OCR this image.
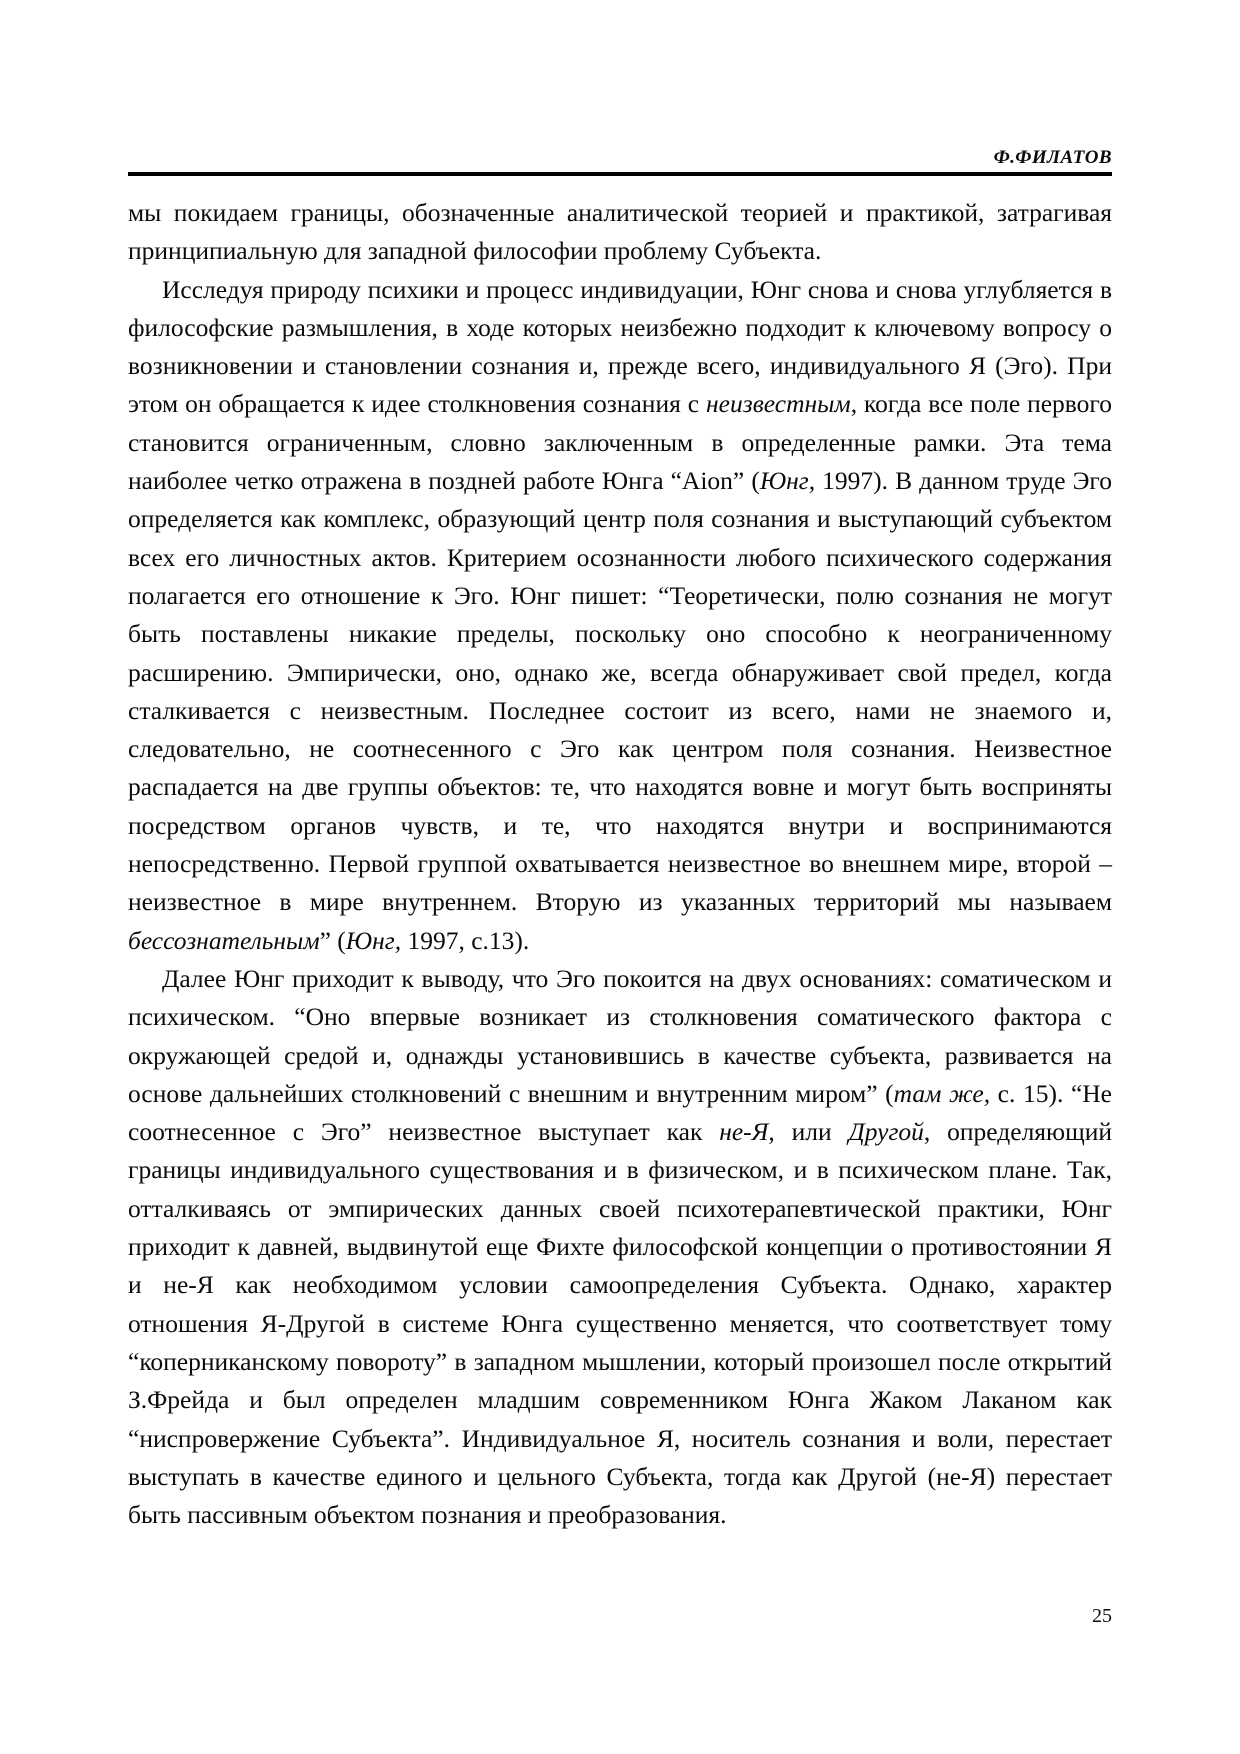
Ф.ФИЛАТОВ

мы покидаем границы, обозначенные аналитической теорией и практикой, затрагивая принципиальную для западной философии проблему Субъекта.

Исследуя природу психики и процесс индивидуации, Юнг снова и снова углубляется в философские размышления, в ходе которых неизбежно подходит к ключевому вопросу о возникновении и становлении сознания и, прежде всего, индивидуального Я (Эго). При этом он обращается к идее столкновения сознания с неизвестным, когда все поле первого становится ограниченным, словно заключенным в определенные рамки. Эта тема наиболее четко отражена в поздней работе Юнга “Aion” (Юнг, 1997). В данном труде Эго определяется как комплекс, образующий центр поля сознания и выступающий субъектом всех его личностных актов. Критерием осознанности любого психического содержания полагается его отношение к Эго. Юнг пишет: “Теоретически, полю сознания не могут быть поставлены никакие пределы, поскольку оно способно к неограниченному расширению. Эмпирически, оно, однако же, всегда обнаруживает свой предел, когда сталкивается с неизвестным. Последнее состоит из всего, нами не знаемого и, следовательно, не соотнесенного с Эго как центром поля сознания. Неизвестное распадается на две группы объектов: те, что находятся вовне и могут быть восприняты посредством органов чувств, и те, что находятся внутри и воспринимаются непосредственно. Первой группой охватывается неизвестное во внешнем мире, второй – неизвестное в мире внутреннем. Вторую из указанных территорий мы называем бессознательным” (Юнг, 1997, с.13).

Далее Юнг приходит к выводу, что Эго покоится на двух основаниях: соматическом и психическом. “Оно впервые возникает из столкновения соматического фактора с окружающей средой и, однажды установившись в качестве субъекта, развивается на основе дальнейших столкновений с внешним и внутренним миром” (там же, с. 15). “Не соотнесенное с Эго” неизвестное выступает как не-Я, или Другой, определяющий границы индивидуального существования и в физическом, и в психическом плане. Так, отталкиваясь от эмпирических данных своей психотерапевтической практики, Юнг приходит к давней, выдвинутой еще Фихте философской концепции о противостоянии Я и не-Я как необходимом условии самоопределения Субъекта. Однако, характер отношения Я-Другой в системе Юнга существенно меняется, что соответствует тому “коперниканскому повороту” в западном мышлении, который произошел после открытий З.Фрейда и был определен младшим современником Юнга Жаком Лаканом как “ниспровержение Субъекта”. Индивидуальное Я, носитель сознания и воли, перестает выступать в качестве единого и цельного Субъекта, тогда как Другой (не-Я) перестает быть пассивным объектом познания и преобразования.

25
